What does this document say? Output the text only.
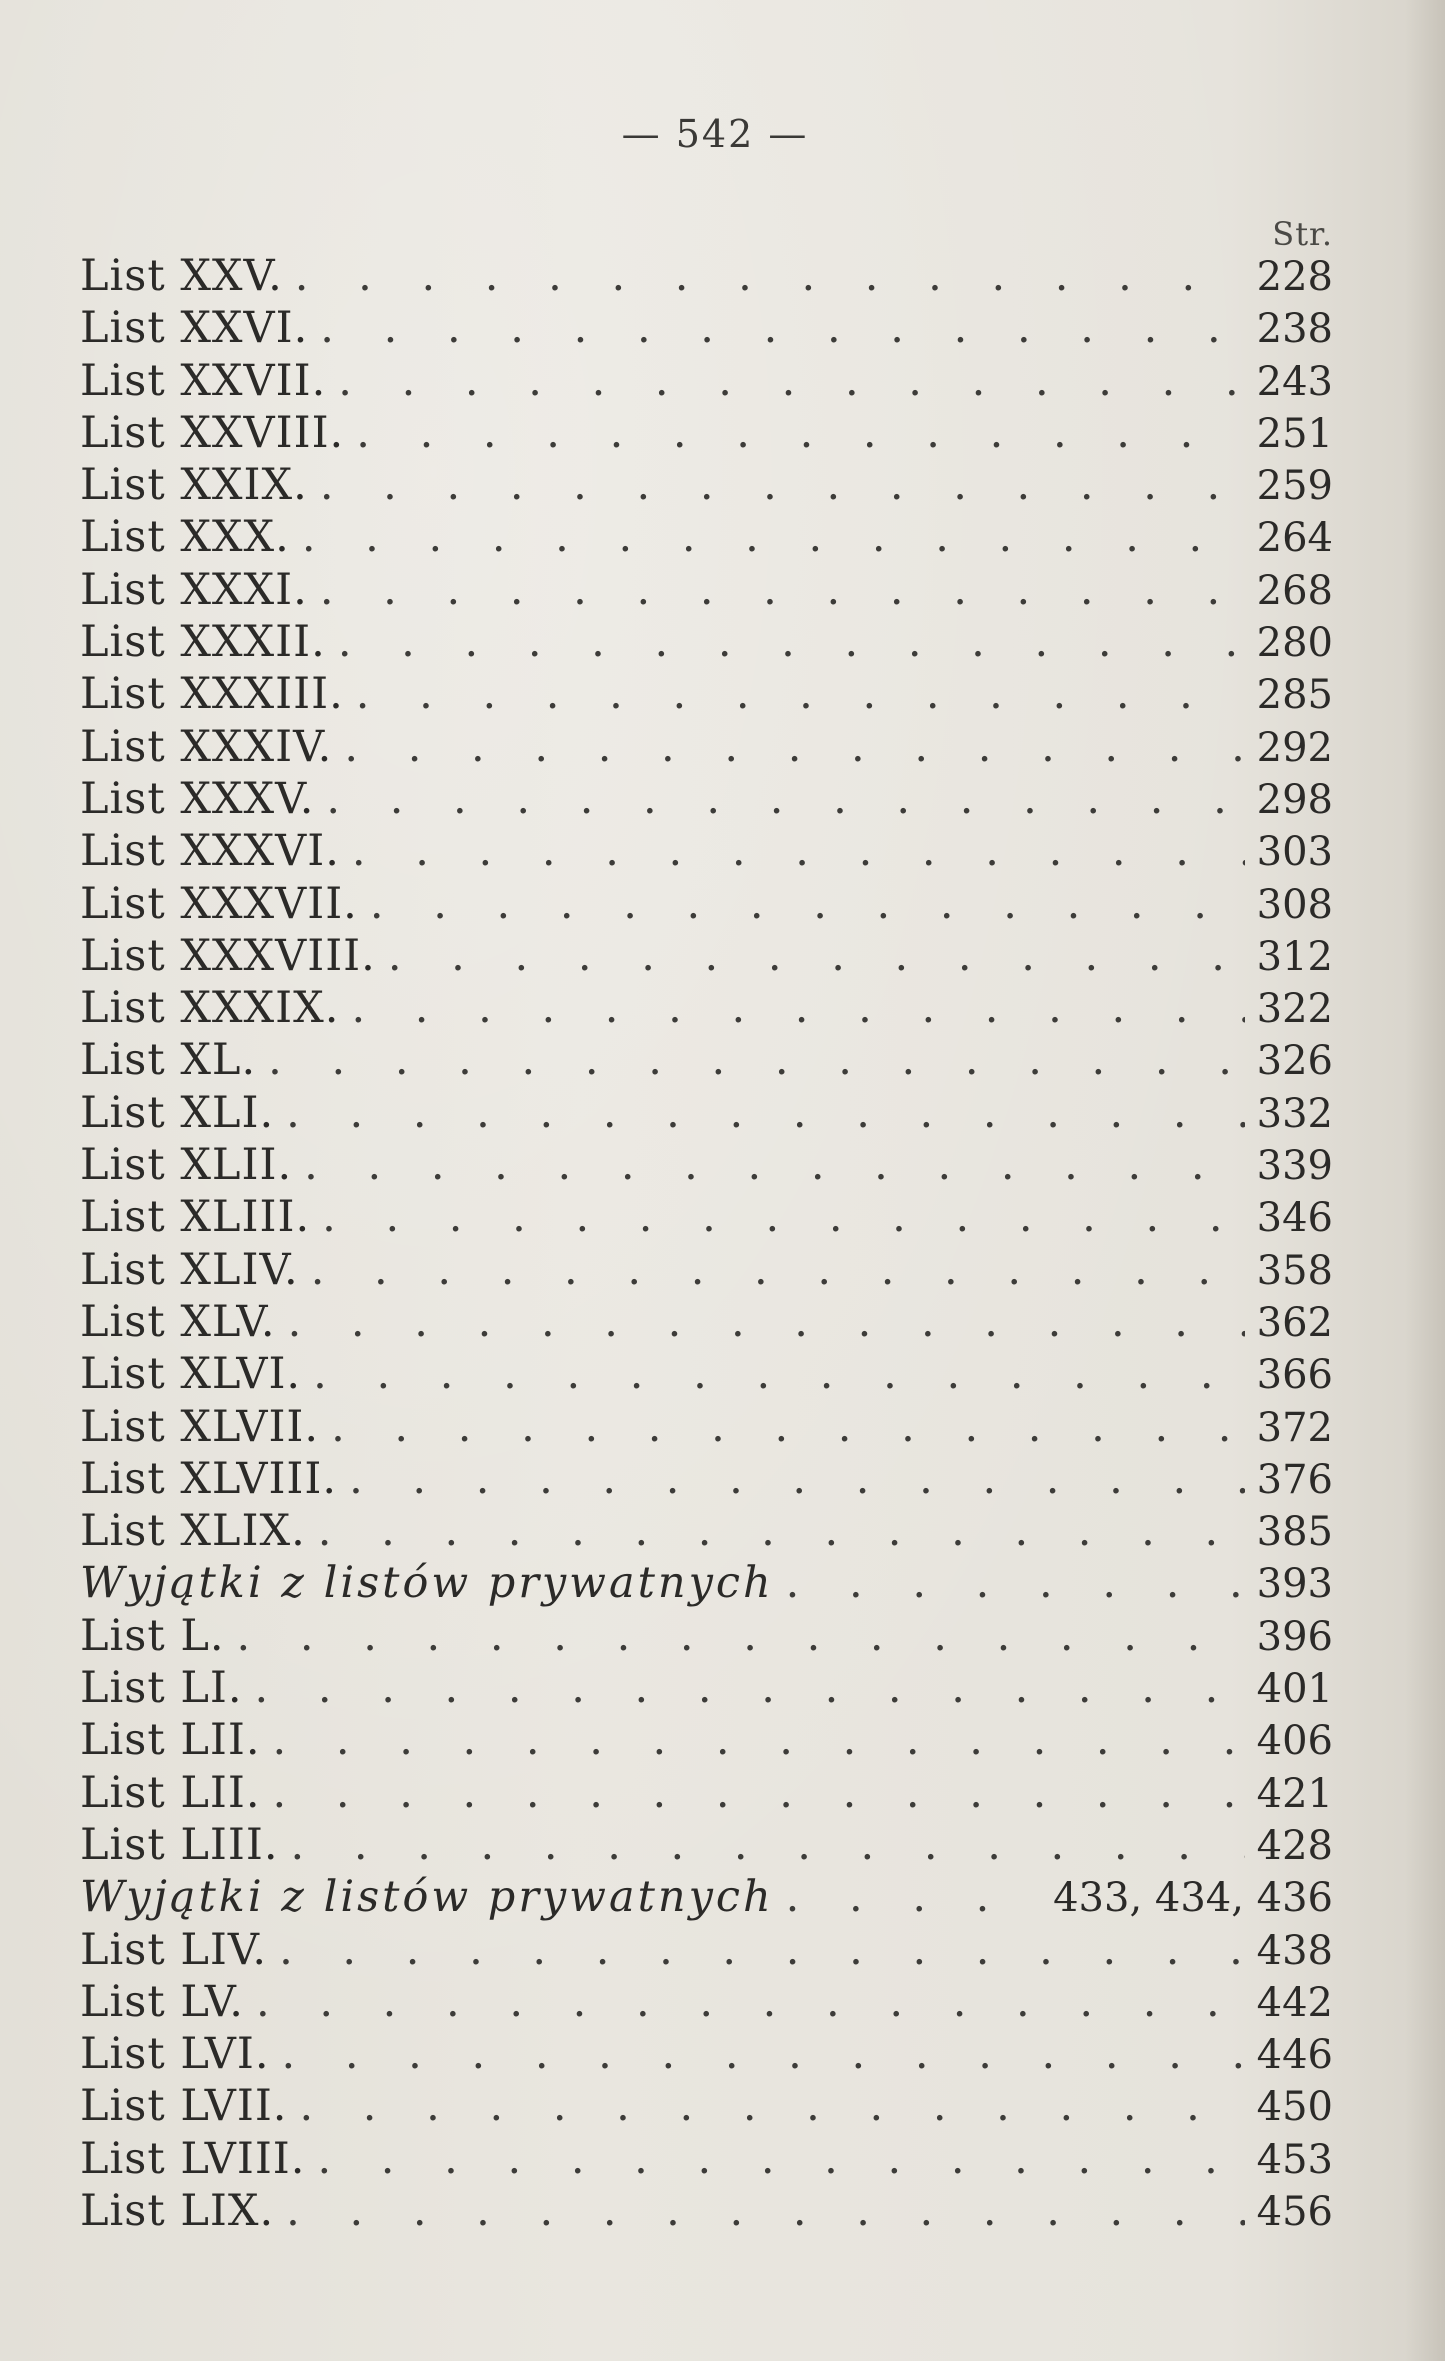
— 542 —
Str.
List XXV. . . .	228
List XXVI. . . .	238
List XXVII. . . .	243
List XXVIII. . . .	251
List XXIX. . . .	259
List XXX. . . .	264
List XXXI. . . .	268
List XXXII. . . .	280
List XXXIII. . . .	285
List XXXIV. . . .	292
List XXXV. . . .	298
List XXXVI. . . .	303
List XXXVII. . . .	308
List XXXVIII. . . .	312
List XXXIX. . . .	322
List XL. . . .	326
List XLI. . . .	332
List XLII. . . .	339
List XLIII. . . .	346
List XLIV. . . .	358
List XLV. . . .	362
List XLVI. . . .	366
List XLVII. . . .	372
List XLVIII. . . .	376
List XLIX. . . .	385
Wyjątki z listów prywatnych . . .	393
List L. . . .	396
List LI. . . .	401
List LII. . . .	406
List LII. . . .	421
List LIII. . . .	428
Wyjątki z listów prywatnych . . .	433, 434, 436
List LIV. . . .	438
List LV. . . .	442
List LVI. . . .	446
List LVII. . . .	450
List LVIII. . . .	453
List LIX. . . .	456
